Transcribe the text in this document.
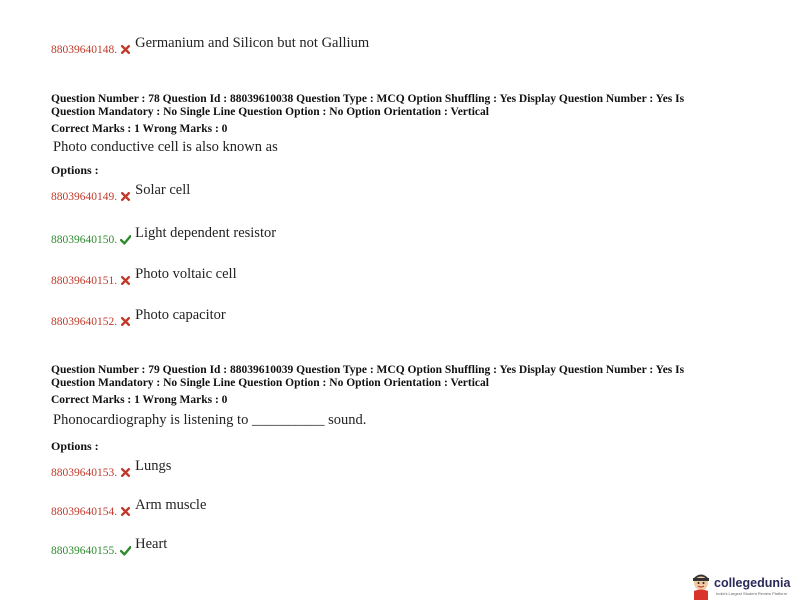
88039640148. Germanium and Silicon but not Gallium
Question Number : 78 Question Id : 88039610038 Question Type : MCQ Option Shuffling : Yes Display Question Number : Yes Is
Question Mandatory : No Single Line Question Option : No Option Orientation : Vertical
Correct Marks : 1 Wrong Marks : 0
Photo conductive cell is also known as
Options :
88039640149. Solar cell
88039640150. Light dependent resistor
88039640151. Photo voltaic cell
88039640152. Photo capacitor
Question Number : 79 Question Id : 88039610039 Question Type : MCQ Option Shuffling : Yes Display Question Number : Yes Is
Question Mandatory : No Single Line Question Option : No Option Orientation : Vertical
Correct Marks : 1 Wrong Marks : 0
Phonocardiography is listening to __________ sound.
Options :
88039640153. Lungs
88039640154. Arm muscle
88039640155. Heart
collegedunia
India's Largest Student Review Platform
